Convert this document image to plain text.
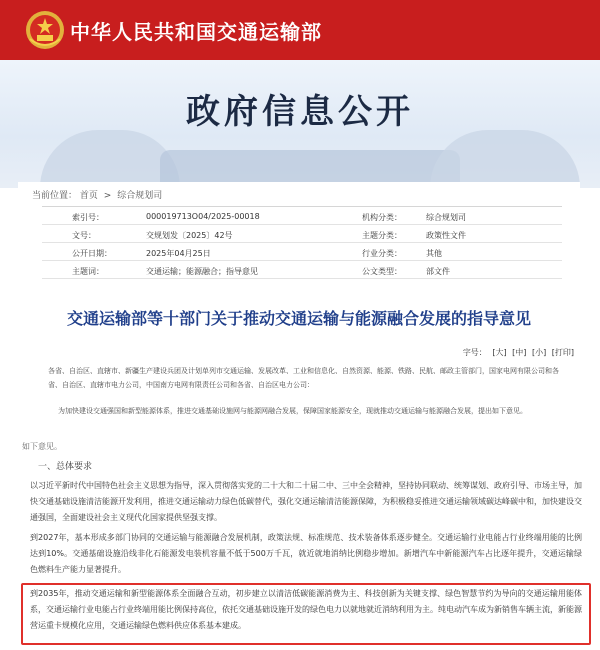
中华人民共和国交通运输部
政府信息公开
当前位置： 首页 > 综合规划司
索引号：	000019713O04/2025-00018	机构分类：	综合规划司
文号：	交规划发〔2025〕42号	主题分类：	政策性文件
公开日期：	2025年04月25日	行业分类：	其他
主题词：	交通运输；能源融合；指导意见	公文类型：	部文件
交通运输部等十部门关于推动交通运输与能源融合发展的指导意见
字号： [大] [中] [小] [打印]
各省、自治区、直辖市、新疆生产建设兵团及计划单列市交通运输、发展改革、工业和信息化、自然资源、能源、铁路、民航、邮政主管部门，国家电网有限公司和各省、自治区、直辖市电力公司，中国南方电网有限责任公司和各省、自治区电力公司：
为加快建设交通强国和新型能源体系，推进交通基础设施网与能源网融合发展，保障国家能源安全，现就推动交通运输与能源融合发展，提出如下意见。
如下意见。
一、总体要求
以习近平新时代中国特色社会主义思想为指导，深入贯彻落实党的二十大和二十届二中、三中全会精神，坚持协同联动、统筹谋划、政府引导、市场主导，加快交通基础设施清洁能源开发利用，推进交通运输动力绿色低碳替代，强化交通运输清洁能源保障，为积极稳妥推进交通运输领域碳达峰碳中和，加快建设交通强国，全面建设社会主义现代化国家提供坚强支撑。
到2027年，基本形成多部门协同的交通运输与能源融合发展机制，政策法规、标准规范、技术装备体系逐步健全。交通运输行业电能占行业终端用能的比例达到10%。交通基础设施沿线非化石能源发电装机容量不低于500万千瓦，就近就地消纳比例稳步增加。新增汽车中新能源汽车占比逐年提升，交通运输绿色燃料生产能力显著提升。
到2035年，推动交通运输和新型能源体系全面融合互动，初步建立以清洁低碳能源消费为主、科技创新为关键支撑、绿色智慧节约为导向的交通运输用能体系，交通运输行业电能占行业终端用能比例保持高位，依托交通基础设施开发的绿色电力以就地就近消纳利用为主。纯电动汽车成为新销售车辆主流，新能源营运重卡规模化应用，交通运输绿色燃料供应体系基本建成。
